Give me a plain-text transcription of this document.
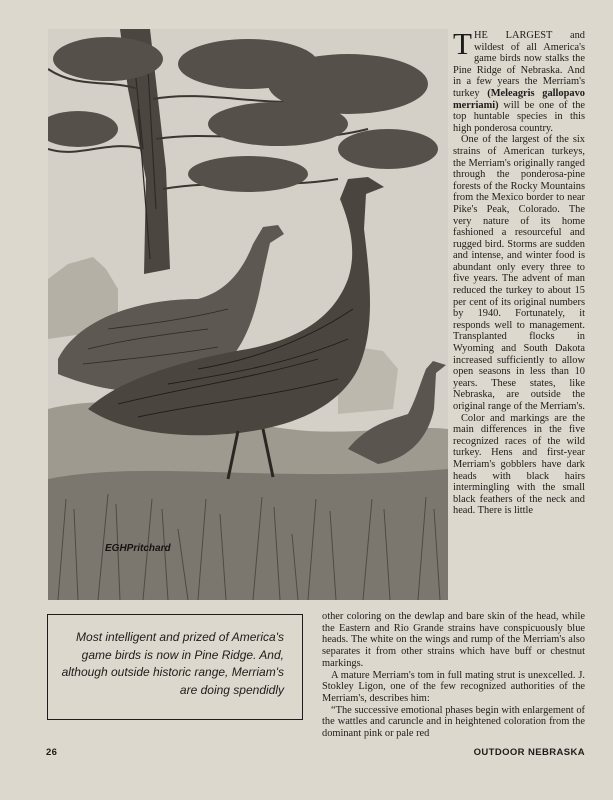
EGHPritchard

THE LARGEST and wildest of all America's game birds now stalks the Pine Ridge of Nebraska. And in a few years the Merriam's turkey (Meleagris gallopavo merriami) will be one of the top huntable species in this high ponderosa country.

One of the largest of the six strains of American turkeys, the Merriam's originally ranged through the ponderosa-pine forests of the Rocky Mountains from the Mexico border to near Pike's Peak, Colorado. The very nature of its home fashioned a resourceful and rugged bird. Storms are sudden and intense, and winter food is abundant only every three to five years. The advent of man reduced the turkey to about 15 per cent of its original numbers by 1940. Fortunately, it responds well to management. Transplanted flocks in Wyoming and South Dakota increased sufficiently to allow open seasons in less than 10 years. These states, like Nebraska, are outside the original range of the Merriam's.

Color and markings are the main differences in the five recognized races of the wild turkey. Hens and first-year Merriam's gobblers have dark heads with black hairs intermingling with the small black feathers of the neck and head. There is little

Most intelligent and prized of America's game birds is now in Pine Ridge. And, although outside historic range, Merriam's are doing spendidly

other coloring on the dewlap and bare skin of the head, while the Eastern and Rio Grande strains have conspicuously blue heads. The white on the wings and rump of the Merriam's also separates it from other strains which have buff or chestnut markings.

A mature Merriam's tom in full mating strut is unexcelled. J. Stokley Ligon, one of the few recognized authorities of the Merriam's, describes him:

“The successive emotional phases begin with enlargement of the wattles and caruncle and in heightened coloration from the dominant pink or pale red

26	OUTDOOR NEBRASKA
